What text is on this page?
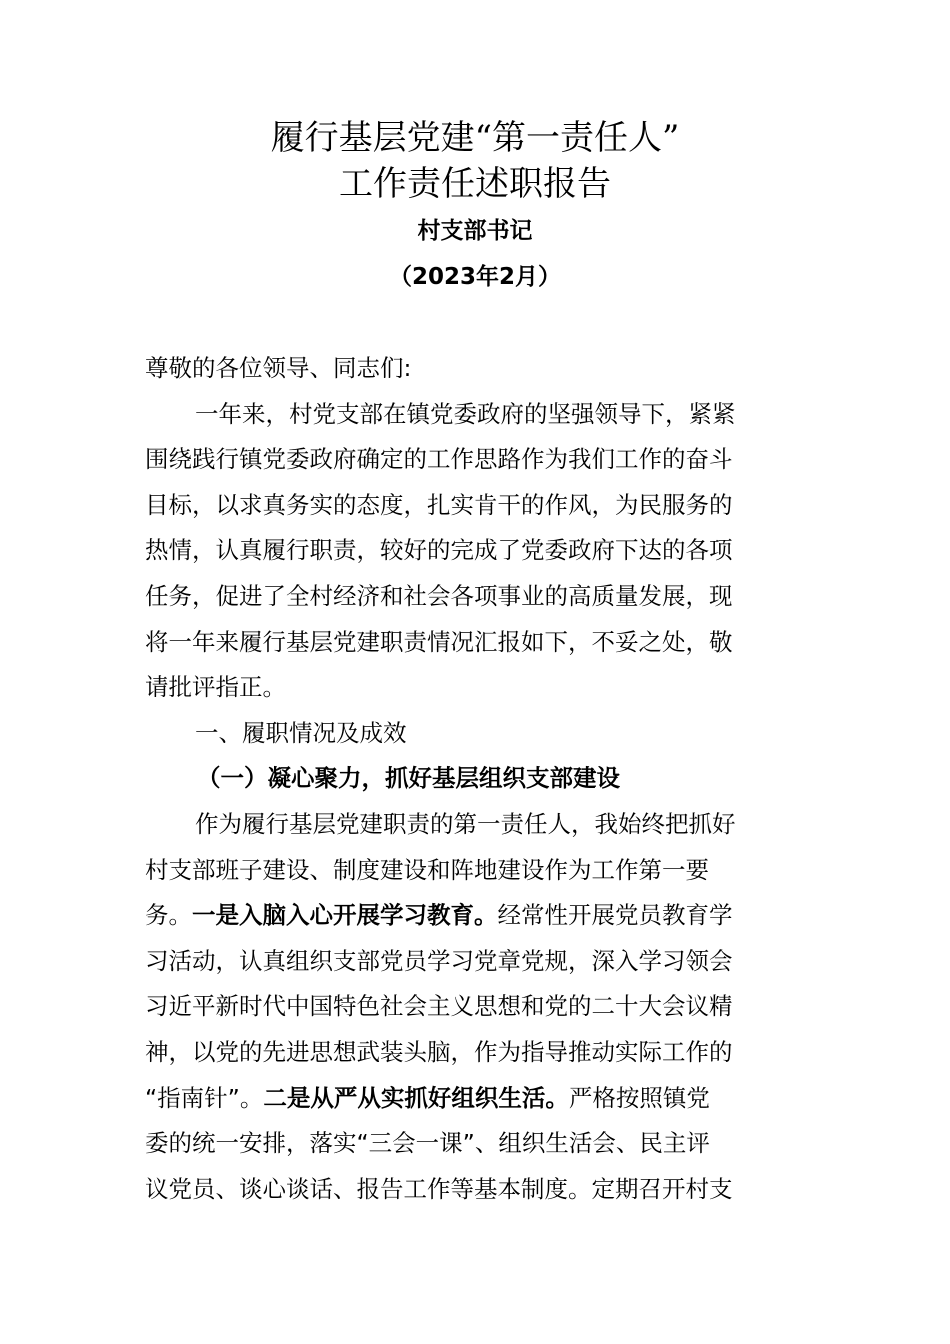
履行基层党建“第一责任人”
工作责任述职报告
村支部书记
（2023年2月）
尊敬的各位领导、同志们:
一年来，村党支部在镇党委政府的坚强领导下，紧紧
围绕践行镇党委政府确定的工作思路作为我们工作的奋斗
目标，以求真务实的态度，扎实肯干的作风，为民服务的
热情，认真履行职责，较好的完成了党委政府下达的各项
任务，促进了全村经济和社会各项事业的高质量发展，现
将一年来履行基层党建职责情况汇报如下，不妥之处，敬
请批评指正。
一、履职情况及成效
（一）凝心聚力，抓好基层组织支部建设
作为履行基层党建职责的第一责任人，我始终把抓好
村支部班子建设、制度建设和阵地建设作为工作第一要
务。一是入脑入心开展学习教育。经常性开展党员教育学
习活动，认真组织支部党员学习党章党规，深入学习领会
习近平新时代中国特色社会主义思想和党的二十大会议精
神，以党的先进思想武装头脑，作为指导推动实际工作的
“指南针”。二是从严从实抓好组织生活。严格按照镇党
委的统一安排，落实“三会一课”、组织生活会、民主评
议党员、谈心谈话、报告工作等基本制度。定期召开村支
